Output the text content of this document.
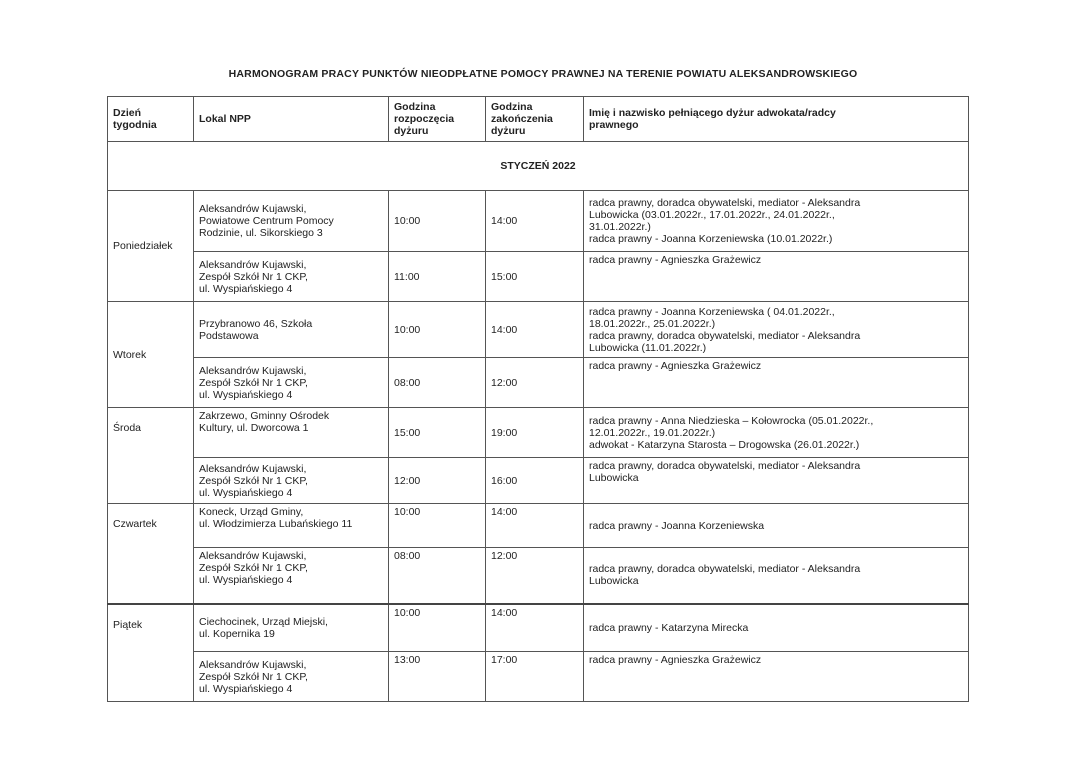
HARMONOGRAM PRACY PUNKTÓW NIEODPŁATNE POMOCY PRAWNEJ NA TERENIE POWIATU ALEKSANDROWSKIEGO
Dzień
tygodnia	Lokal NPP	Godzina
rozpoczęcia
dyżuru	Godzina
zakończenia
dyżuru	Imię i nazwisko pełniącego dyżur adwokata/radcy
prawnego
STYCZEŃ 2022				
Poniedziałek	Aleksandrów Kujawski,
Powiatowe Centrum Pomocy
Rodzinie, ul. Sikorskiego 3	10:00	14:00	radca prawny, doradca obywatelski, mediator - Aleksandra
Lubowicka (03.01.2022r., 17.01.2022r., 24.01.2022r.,
31.01.2022r.)
radca prawny - Joanna Korzeniewska (10.01.2022r.)
	Aleksandrów Kujawski,
Zespół Szkół Nr 1 CKP,
ul. Wyspiańskiego 4	11:00	15:00	radca prawny - Agnieszka Grażewicz
Wtorek	Przybranowo 46, Szkoła
Podstawowa	10:00	14:00	radca prawny - Joanna Korzeniewska ( 04.01.2022r.,
18.01.2022r., 25.01.2022r.)
radca prawny, doradca obywatelski, mediator - Aleksandra
Lubowicka (11.01.2022r.)
	Aleksandrów Kujawski,
Zespół Szkół Nr 1 CKP,
ul. Wyspiańskiego 4	08:00	12:00	radca prawny - Agnieszka Grażewicz
Środa	Zakrzewo, Gminny Ośrodek
Kultury, ul. Dworcowa 1	15:00	19:00	radca prawny - Anna Niedzieska – Kołowrocka (05.01.2022r.,
12.01.2022r., 19.01.2022r.)
adwokat - Katarzyna Starosta – Drogowska (26.01.2022r.)
	Aleksandrów Kujawski,
Zespół Szkół Nr 1 CKP,
ul. Wyspiańskiego 4	12:00	16:00	radca prawny, doradca obywatelski, mediator - Aleksandra
Lubowicka
Czwartek	Koneck, Urząd Gminy,
ul. Włodzimierza Lubańskiego 11	10:00	14:00	radca prawny - Joanna Korzeniewska
	Aleksandrów Kujawski,
Zespół Szkół Nr 1 CKP,
ul. Wyspiańskiego 4	08:00	12:00	radca prawny, doradca obywatelski, mediator - Aleksandra
Lubowicka
Piątek	Ciechocinek, Urząd Miejski,
ul. Kopernika 19	10:00	14:00	radca prawny - Katarzyna Mirecka
	Aleksandrów Kujawski,
Zespół Szkół Nr 1 CKP,
ul. Wyspiańskiego 4	13:00	17:00	radca prawny - Agnieszka Grażewicz
